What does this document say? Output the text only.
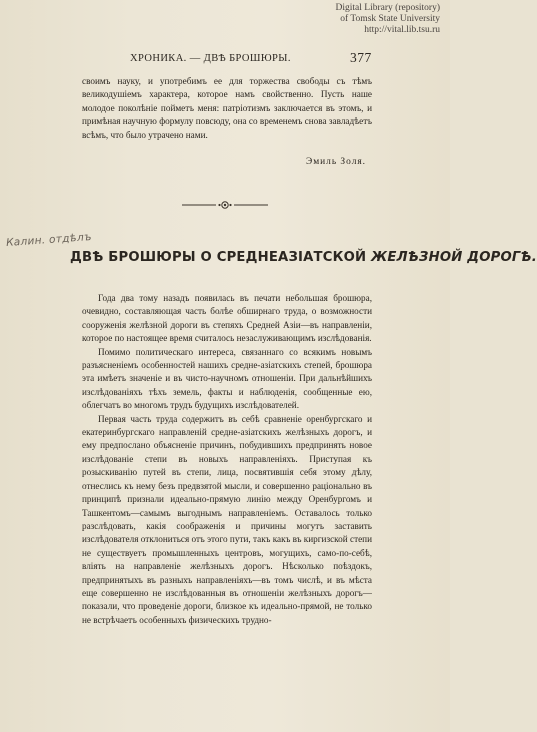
Digital Library (repository)
of Tomsk State University
http://vital.lib.tsu.ru
ХРОНИКА. — ДВѢ БРОШЮРЫ.	377

своимъ науку, и употребимъ ее для торжества свободы съ тѣмъ великодушіемъ характера, которое намъ свойственно. Пусть наше молодое поколѣніе пойметъ меня: патріотизмъ заключается въ этомъ, и примѣная научную формулу повсюду, она со временемъ снова завладѣетъ всѣмъ, что было утрачено нами.

Эмиль Золя.
Калин. отдѣлъ
ДВѢ БРОШЮРЫ О СРЕДНЕАЗІАТСКОЙ ЖЕЛѢЗНОЙ ДОРОГѢ.

Года два тому назадъ появилась въ печати небольшая брошюра, очевидно, составляющая часть болѣе обширнаго труда, о возможности сооруженія желѣзной дороги въ степяхъ Средней Азіи—въ направленіи, которое по настоящее время считалось незаслуживающимъ изслѣдованія.

Помимо политическаго интереса, связаннаго со всякимъ новымъ разъясненіемъ особенностей нашихъ средне-азіатскихъ степей, брошюра эта имѣетъ значеніе и въ чисто-научномъ отношеніи. При дальнѣйшихъ изслѣдованіяхъ тѣхъ земель, факты и наблюденія, сообщенные ею, облегчатъ во многомъ трудъ будущихъ изслѣдователей.

Первая часть труда содержитъ въ себѣ сравненіе оренбургскаго и екатеринбургскаго направленій средне-азіатскихъ желѣзныхъ дорогъ, и ему предпослано объясненіе причинъ, побудившихъ предпринять новое изслѣдованіе степи въ новыхъ направленіяхъ. Приступая къ розыскиванію путей въ степи, лица, посвятившія себя этому дѣлу, отнеслись къ нему безъ предвзятой мысли, и совершенно раціонально въ принципѣ признали идеально-прямую линію между Оренбургомъ и Ташкентомъ—самымъ выгоднымъ направленіемъ. Оставалось только разслѣдовать, какія соображенія и причины могутъ заставить изслѣдователя отклониться отъ этого пути, такъ какъ въ киргизской степи не существуетъ промышленныхъ центровъ, могущихъ, само-по-себѣ, вліять на направленіе желѣзныхъ дорогъ. Нѣсколько поѣздокъ, предпринятыхъ въ разныхъ направленіяхъ—въ томъ числѣ, и въ мѣста еще совершенно не изслѣдованныя въ отношеніи желѣзныхъ дорогъ—показали, что проведеніе дороги, близкое къ идеально-прямой, не только не встрѣчаетъ особенныхъ физическихъ трудно-
